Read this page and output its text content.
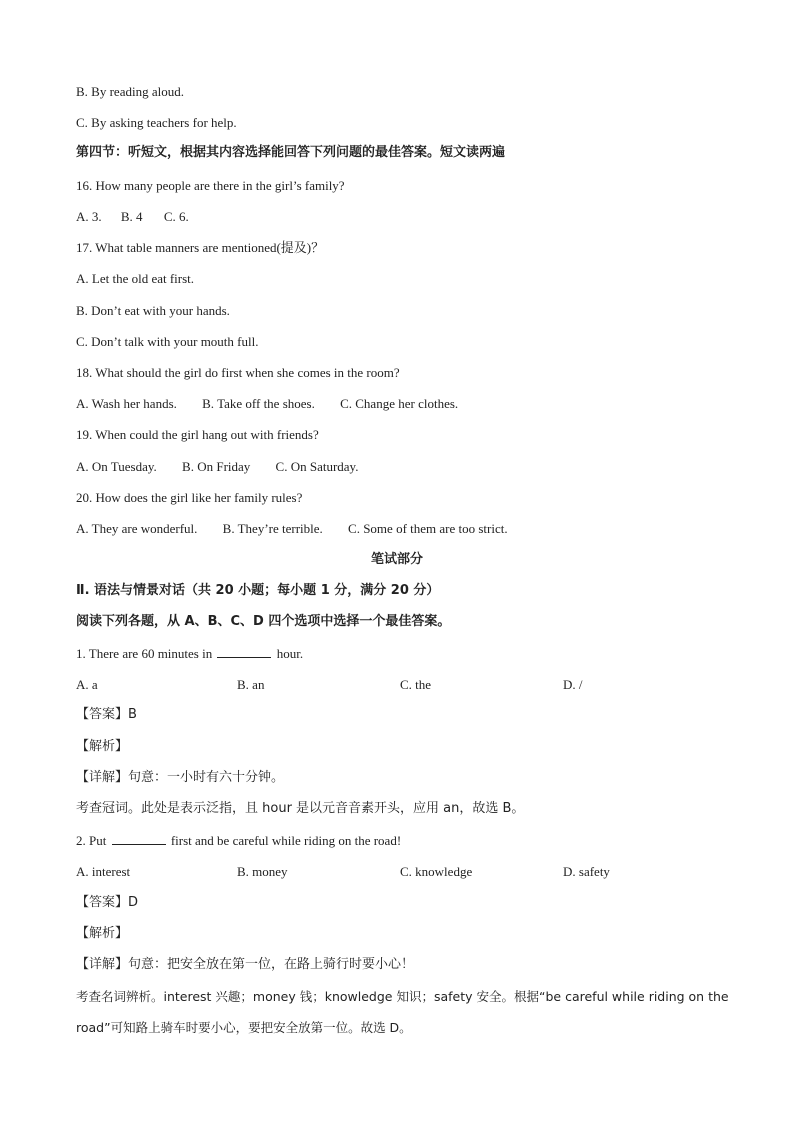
B. By reading aloud.
C. By asking teachers for help.
第四节：听短文，根据其内容选择能回答下列问题的最佳答案。短文读两遍
16. How many people are there in the girl’s family?
A. 3. B. 4 C. 6.
17. What table manners are mentioned(提及)？
A. Let the old eat first.
B. Don’t eat with your hands.
C. Don’t talk with your mouth full.
18. What should the girl do first when she comes in the room?
A. Wash her hands. B. Take off the shoes. C. Change her clothes.
19. When could the girl hang out with friends?
A. On Tuesday. B. On Friday C. On Saturday.
20. How does the girl like her family rules?
A. They are wonderful. B. They’re terrible. C. Some of them are too strict.
笔试部分
Ⅱ. 语法与情景对话（共 20 小题；每小题 1 分，满分 20 分）
阅读下列各题，从 A、B、C、D 四个选项中选择一个最佳答案。
1. There are 60 minutes in	hour.
A. a	B. an	C. the	D. /
【答案】B
【解析】
【详解】句意：一小时有六十分钟。
考查冠词。此处是表示泛指，且 hour 是以元音音素开头，应用 an，故选 B。
2. Put	first and be careful while riding on the road!
A. interest	B. money	C. knowledge	D. safety
【答案】D
【解析】
【详解】句意：把安全放在第一位，在路上骑行时要小心！
考查名词辨析。interest 兴趣；money 钱；knowledge 知识；safety 安全。根据“be careful while riding on the
road”可知路上骑车时要小心，要把安全放第一位。故选 D。
